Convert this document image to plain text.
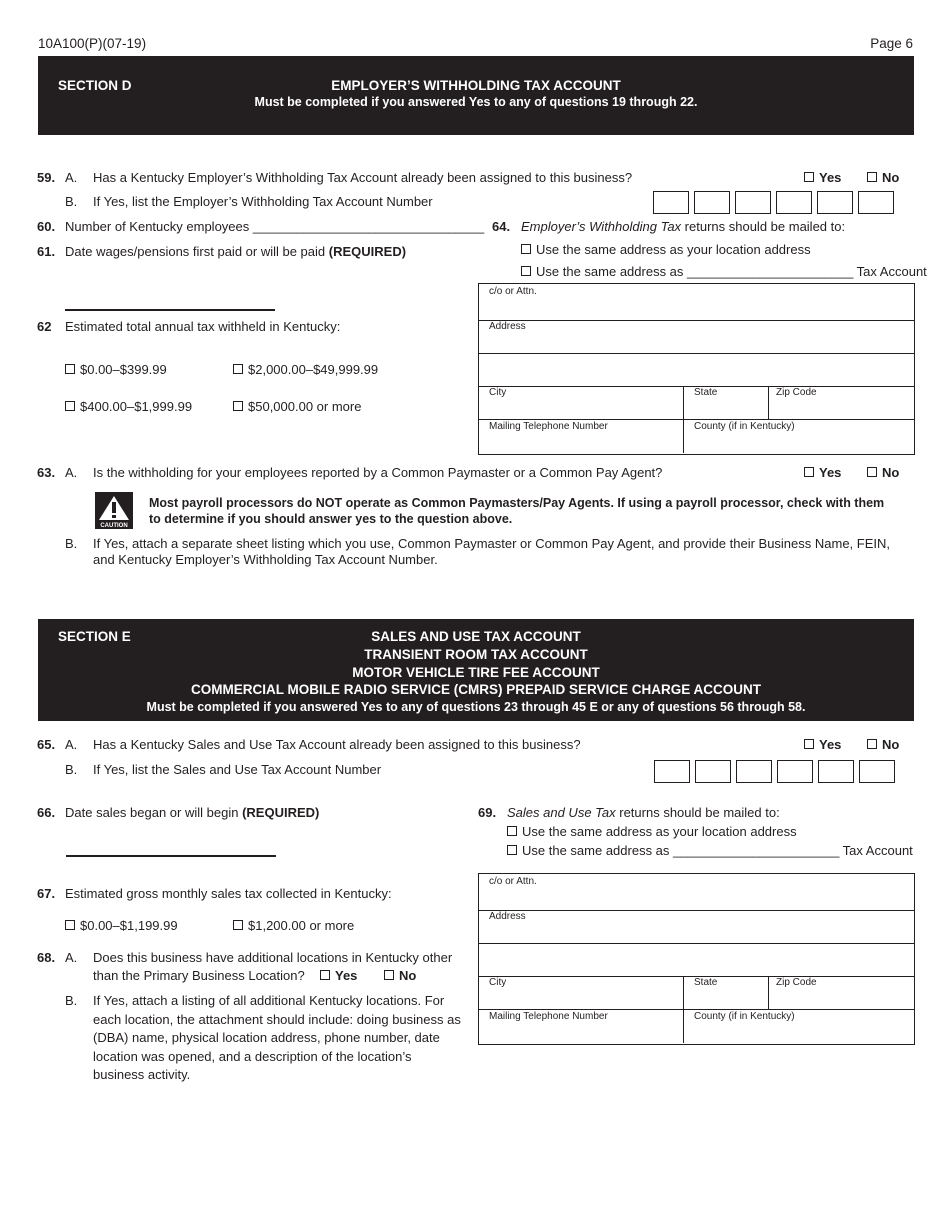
10A100(P)(07-19)	Page 6
SECTION D	EMPLOYER’S WITHHOLDING TAX ACCOUNT
Must be completed if you answered Yes to any of questions 19 through 22.
59. A. Has a Kentucky Employer’s Withholding Tax Account already been assigned to this business?	Yes	No
B. If Yes, list the Employer’s Withholding Tax Account Number
60. Number of Kentucky employees ________________________________
61. Date wages/pensions first paid or will be paid (REQUIRED)
62 Estimated total annual tax withheld in Kentucky:
$0.00–$399.99	$2,000.00–$49,999.99
$400.00–$1,999.99	$50,000.00 or more
64. Employer’s Withholding Tax returns should be mailed to:
Use the same address as your location address
Use the same address as _______________________ Tax Account
c/o or Attn.
Address
City	State	Zip Code
Mailing Telephone Number	County (if in Kentucky)
63. A. Is the withholding for your employees reported by a Common Paymaster or a Common Pay Agent?	Yes	No
CAUTION

Most payroll processors do NOT operate as Common Paymasters/Pay Agents. If using a payroll processor, check with them to determine if you should answer yes to the question above.

B. If Yes, attach a separate sheet listing which you use, Common Paymaster or Common Pay Agent, and provide their Business Name, FEIN, and Kentucky Employer’s Withholding Tax Account Number.

SECTION E	SALES AND USE TAX ACCOUNT
TRANSIENT ROOM TAX ACCOUNT
MOTOR VEHICLE TIRE FEE ACCOUNT
COMMERCIAL MOBILE RADIO SERVICE (CMRS) PREPAID SERVICE CHARGE ACCOUNT
Must be completed if you answered Yes to any of questions 23 through 45 E or any of questions 56 through 58.
65. A. Has a Kentucky Sales and Use Tax Account already been assigned to this business?	Yes	No
B. If Yes, list the Sales and Use Tax Account Number
66. Date sales began or will begin (REQUIRED)
67. Estimated gross monthly sales tax collected in Kentucky:
$0.00–$1,199.99	$1,200.00 or more
68. A. Does this business have additional locations in Kentucky other
than the Primary Business Location?	Yes	No
B. If Yes, attach a listing of all additional Kentucky locations. For each location, the attachment should include: doing business as (DBA) name, physical location address, phone number, date location was opened, and a description of the location’s business activity.

69. Sales and Use Tax returns should be mailed to:
Use the same address as your location address
Use the same address as _______________________ Tax Account
c/o or Attn.
Address
City	State	Zip Code
Mailing Telephone Number	County (if in Kentucky)
